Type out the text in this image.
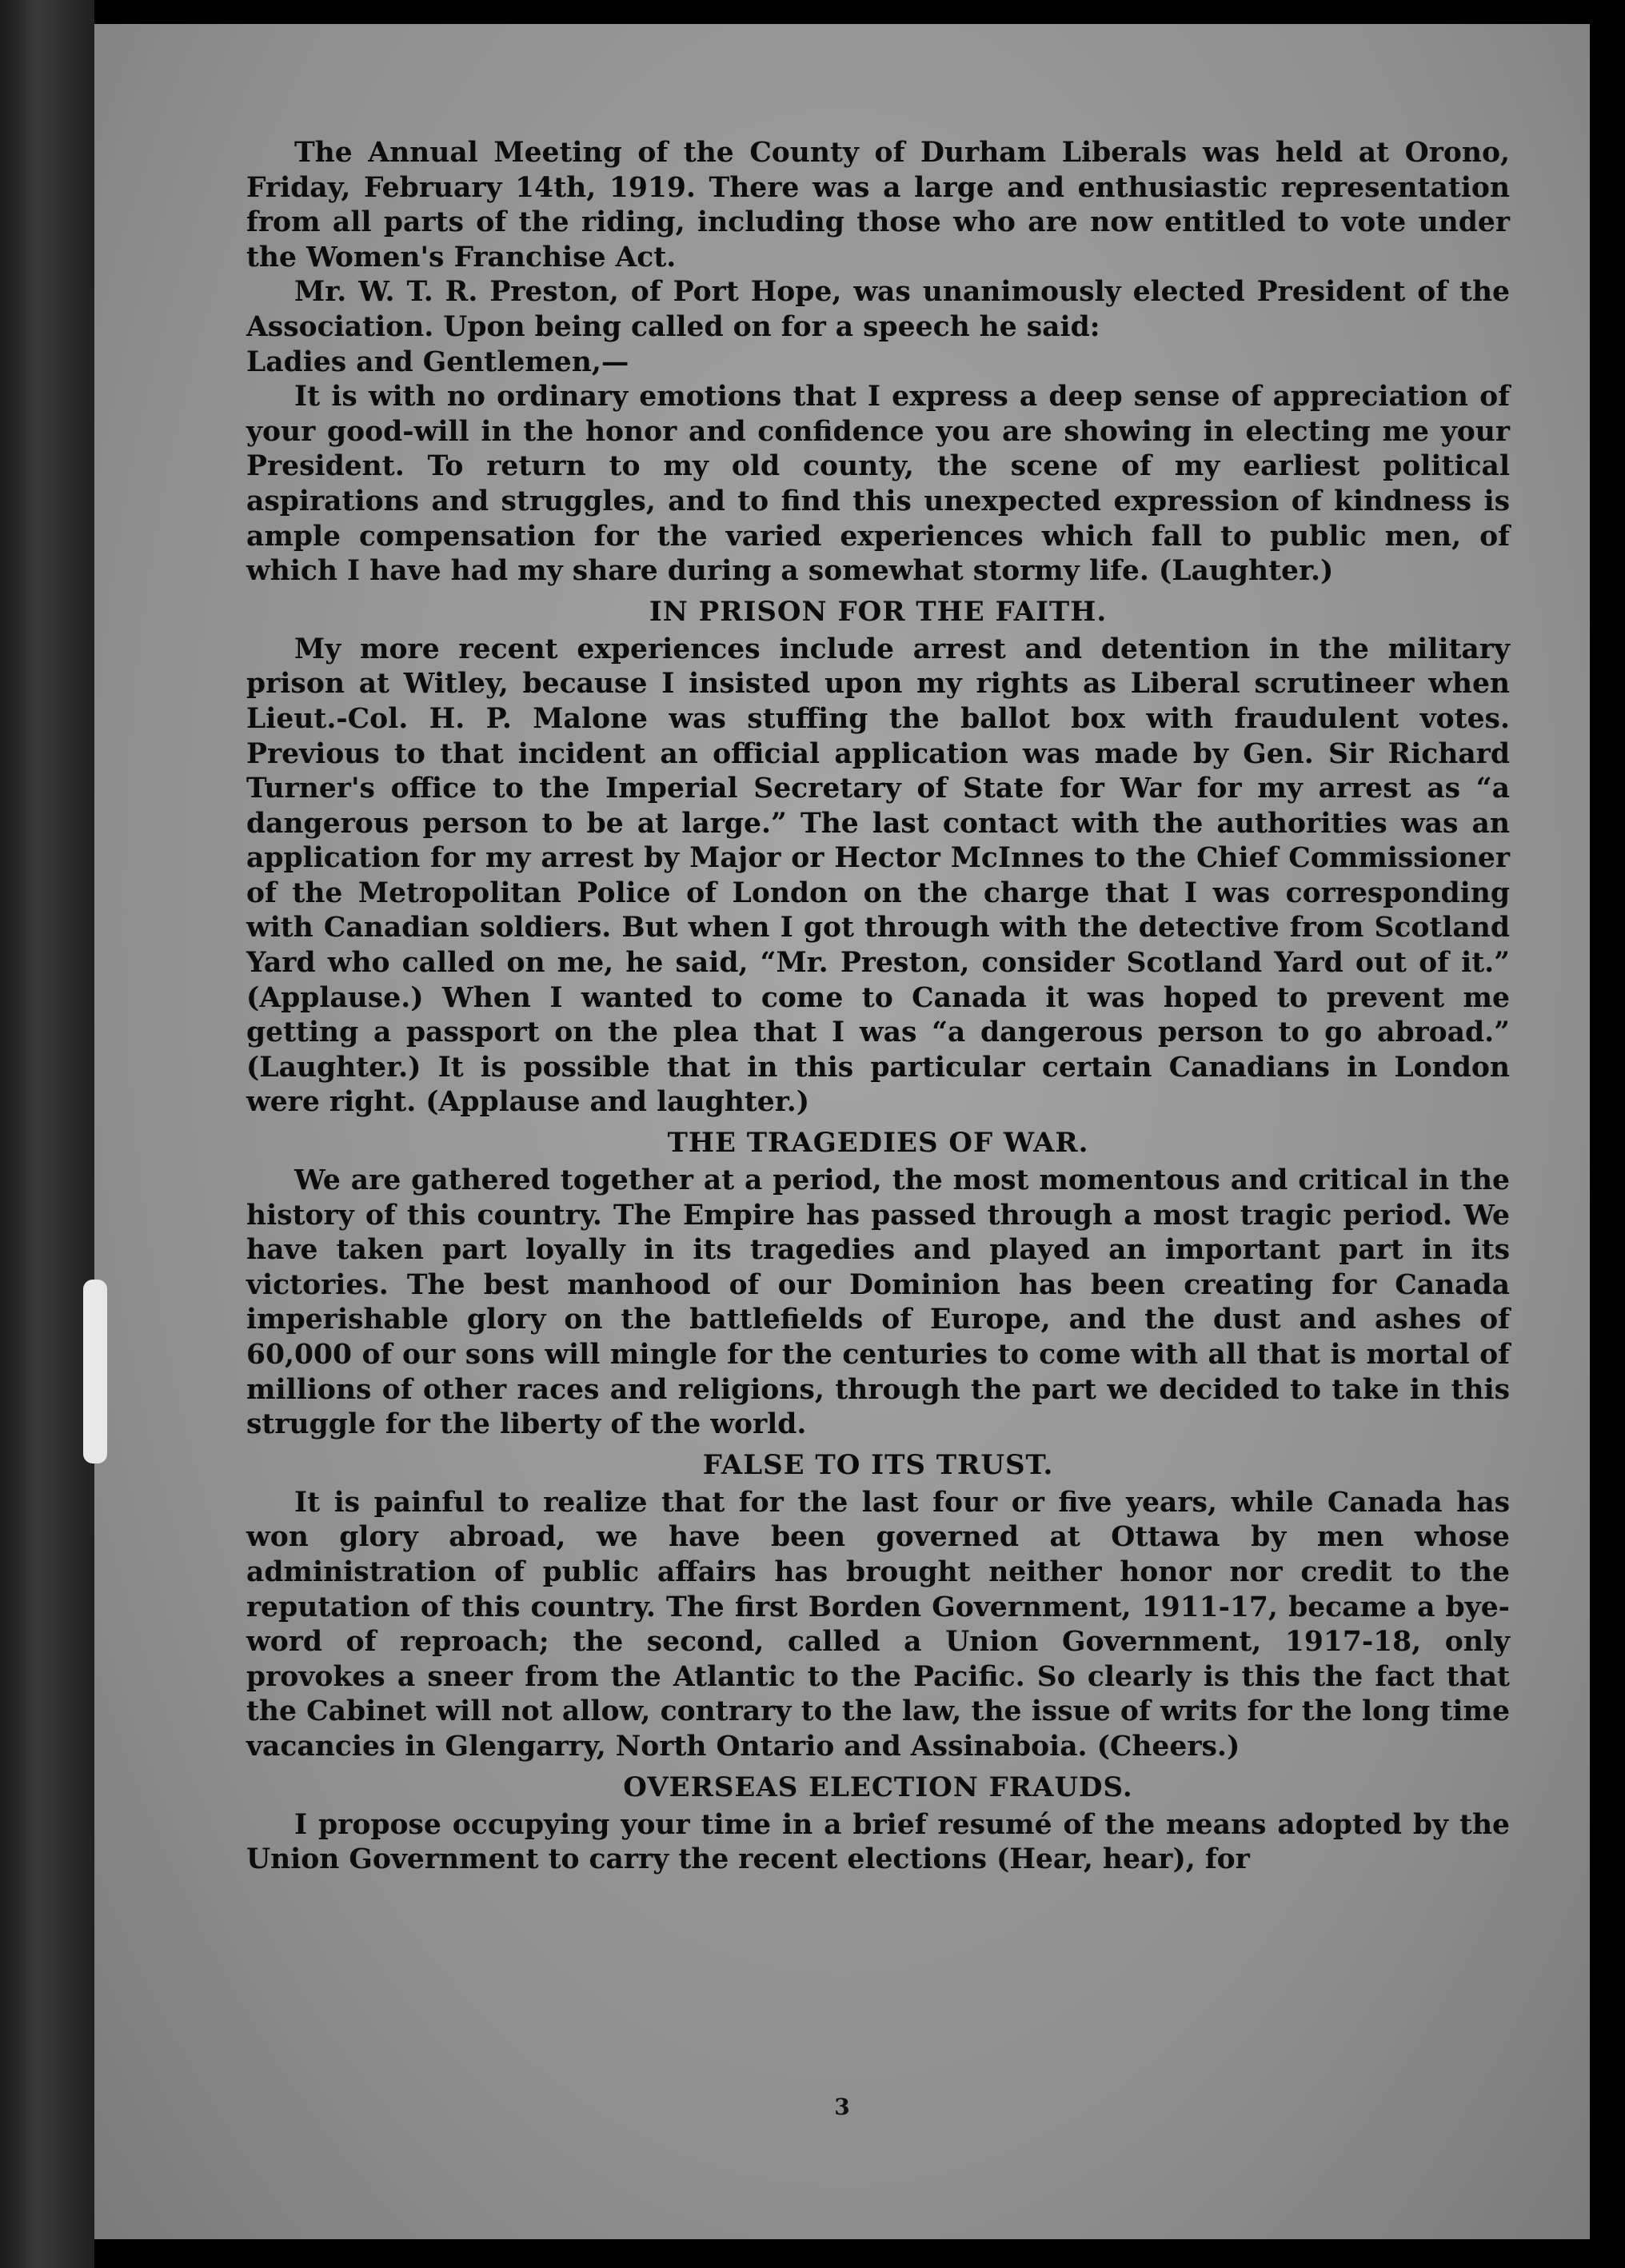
The Annual Meeting of the County of Durham Liberals was held at Orono, Friday, February 14th, 1919. There was a large and enthusiastic representation from all parts of the riding, including those who are now entitled to vote under the Women's Franchise Act.

Mr. W. T. R. Preston, of Port Hope, was unanimously elected President of the Association. Upon being called on for a speech he said:

Ladies and Gentlemen,—

It is with no ordinary emotions that I express a deep sense of appreciation of your good-will in the honor and confidence you are showing in electing me your President. To return to my old county, the scene of my earliest political aspirations and struggles, and to find this unexpected expression of kindness is ample compensation for the varied experiences which fall to public men, of which I have had my share during a somewhat stormy life. (Laughter.)

IN PRISON FOR THE FAITH.

My more recent experiences include arrest and detention in the military prison at Witley, because I insisted upon my rights as Liberal scrutineer when Lieut.-Col. H. P. Malone was stuffing the ballot box with fraudulent votes. Previous to that incident an official application was made by Gen. Sir Richard Turner's office to the Imperial Secretary of State for War for my arrest as “a dangerous person to be at large.” The last contact with the authorities was an application for my arrest by Major or Hector McInnes to the Chief Commissioner of the Metropolitan Police of London on the charge that I was corresponding with Canadian soldiers. But when I got through with the detective from Scotland Yard who called on me, he said, “Mr. Preston, consider Scotland Yard out of it.” (Applause.) When I wanted to come to Canada it was hoped to prevent me getting a passport on the plea that I was “a dangerous person to go abroad.” (Laughter.) It is possible that in this particular certain Canadians in London were right. (Applause and laughter.)

THE TRAGEDIES OF WAR.

We are gathered together at a period, the most momentous and critical in the history of this country. The Empire has passed through a most tragic period. We have taken part loyally in its tragedies and played an important part in its victories. The best manhood of our Dominion has been creating for Canada imperishable glory on the battlefields of Europe, and the dust and ashes of 60,000 of our sons will mingle for the centuries to come with all that is mortal of millions of other races and religions, through the part we decided to take in this struggle for the liberty of the world.

FALSE TO ITS TRUST.

It is painful to realize that for the last four or five years, while Canada has won glory abroad, we have been governed at Ottawa by men whose administration of public affairs has brought neither honor nor credit to the reputation of this country. The first Borden Government, 1911-17, became a bye-word of reproach; the second, called a Union Government, 1917-18, only provokes a sneer from the Atlantic to the Pacific. So clearly is this the fact that the Cabinet will not allow, contrary to the law, the issue of writs for the long time vacancies in Glengarry, North Ontario and Assinaboia. (Cheers.)

OVERSEAS ELECTION FRAUDS.

I propose occupying your time in a brief resumé of the means adopted by the Union Government to carry the recent elections (Hear, hear), for

3
